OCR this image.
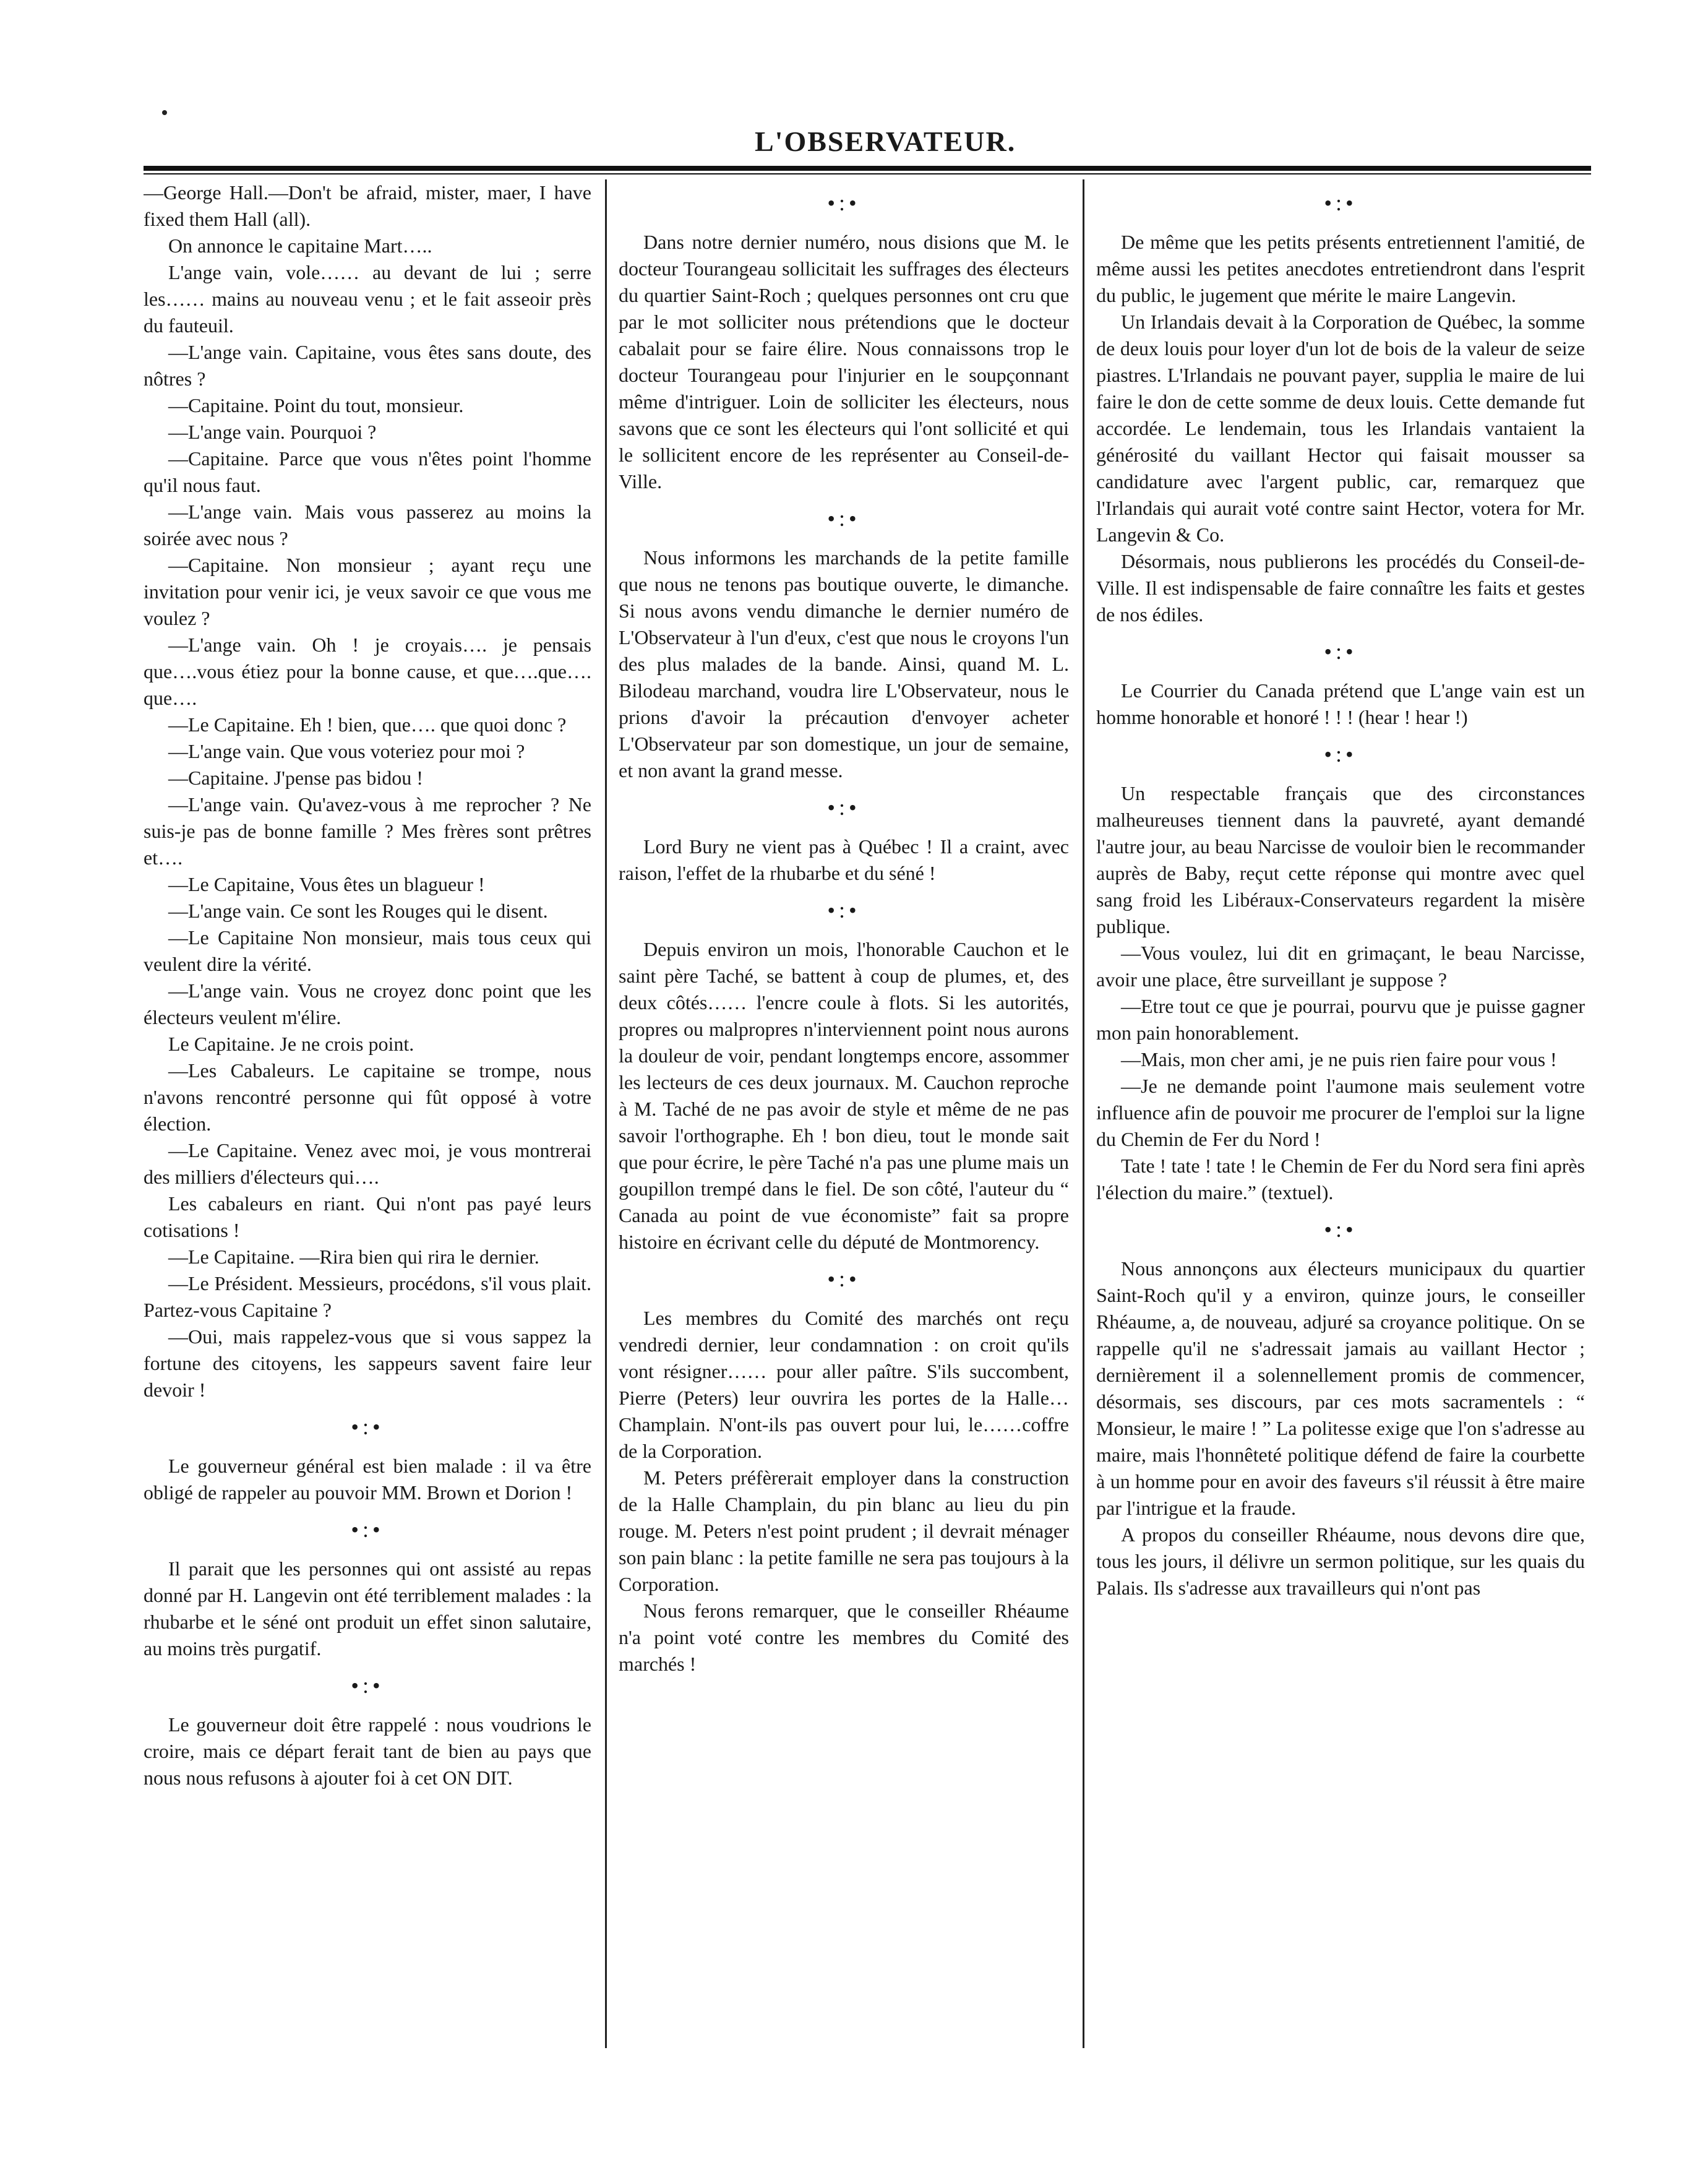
L'OBSERVATEUR.

—George Hall.—Don't be afraid, mister, maer, I have fixed them Hall (all).

On annonce le capitaine Mart…..

L'ange vain, vole…… au devant de lui ; serre les…… mains au nouveau venu ; et le fait asseoir près du fauteuil.

—L'ange vain. Capitaine, vous êtes sans doute, des nôtres ?

—Capitaine. Point du tout, monsieur.

—L'ange vain. Pourquoi ?

—Capitaine. Parce que vous n'êtes point l'homme qu'il nous faut.

—L'ange vain. Mais vous passerez au moins la soirée avec nous ?

—Capitaine. Non monsieur ; ayant reçu une invitation pour venir ici, je veux savoir ce que vous me voulez ?

—L'ange vain. Oh ! je croyais…. je pensais que….vous étiez pour la bonne cause, et que….que…. que….

—Le Capitaine. Eh ! bien, que…. que quoi donc ?

—L'ange vain. Que vous voteriez pour moi ?

—Capitaine. J'pense pas bidou !

—L'ange vain. Qu'avez-vous à me reprocher ? Ne suis-je pas de bonne famille ? Mes frères sont prêtres et….

—Le Capitaine, Vous êtes un blagueur !

—L'ange vain. Ce sont les Rouges qui le disent.

—Le Capitaine Non monsieur, mais tous ceux qui veulent dire la vérité.

—L'ange vain. Vous ne croyez donc point que les électeurs veulent m'élire.

Le Capitaine. Je ne crois point.

—Les Cabaleurs. Le capitaine se trompe, nous n'avons rencontré personne qui fût opposé à votre élection.

—Le Capitaine. Venez avec moi, je vous montrerai des milliers d'électeurs qui….

Les cabaleurs en riant. Qui n'ont pas payé leurs cotisations !

—Le Capitaine. —Rira bien qui rira le dernier.

—Le Président. Messieurs, procédons, s'il vous plait. Partez-vous Capitaine ?

—Oui, mais rappelez-vous que si vous sappez la fortune des citoyens, les sappeurs savent faire leur devoir !

•:•

Le gouverneur général est bien malade : il va être obligé de rappeler au pouvoir MM. Brown et Dorion !

•:•

Il parait que les personnes qui ont assisté au repas donné par H. Langevin ont été terriblement malades : la rhubarbe et le séné ont produit un effet sinon salutaire, au moins très purgatif.

•:•

Le gouverneur doit être rappelé : nous voudrions le croire, mais ce départ ferait tant de bien au pays que nous nous refusons à ajouter foi à cet ON DIT.

•:•

Dans notre dernier numéro, nous disions que M. le docteur Tourangeau sollicitait les suffrages des électeurs du quartier Saint-Roch ; quelques personnes ont cru que par le mot solliciter nous prétendions que le docteur cabalait pour se faire élire. Nous connaissons trop le docteur Tourangeau pour l'injurier en le soupçonnant même d'intriguer. Loin de solliciter les électeurs, nous savons que ce sont les électeurs qui l'ont sollicité et qui le sollicitent encore de les représenter au Conseil-de-Ville.

•:•

Nous informons les marchands de la petite famille que nous ne tenons pas boutique ouverte, le dimanche. Si nous avons vendu dimanche le dernier numéro de L'Observateur à l'un d'eux, c'est que nous le croyons l'un des plus malades de la bande. Ainsi, quand M. L. Bilodeau marchand, voudra lire L'Observateur, nous le prions d'avoir la précaution d'envoyer acheter L'Observateur par son domestique, un jour de semaine, et non avant la grand messe.

•:•

Lord Bury ne vient pas à Québec ! Il a craint, avec raison, l'effet de la rhubarbe et du séné !

•:•

Depuis environ un mois, l'honorable Cauchon et le saint père Taché, se battent à coup de plumes, et, des deux côtés…… l'encre coule à flots. Si les autorités, propres ou malpropres n'interviennent point nous aurons la douleur de voir, pendant longtemps encore, assommer les lecteurs de ces deux journaux. M. Cauchon reproche à M. Taché de ne pas avoir de style et même de ne pas savoir l'orthographe. Eh ! bon dieu, tout le monde sait que pour écrire, le père Taché n'a pas une plume mais un goupillon trempé dans le fiel. De son côté, l'auteur du “ Canada au point de vue économiste” fait sa propre histoire en écrivant celle du député de Montmorency.

•:•

Les membres du Comité des marchés ont reçu vendredi dernier, leur condamnation : on croit qu'ils vont résigner…… pour aller paître. S'ils succombent, Pierre (Peters) leur ouvrira les portes de la Halle… Champlain. N'ont-ils pas ouvert pour lui, le……coffre de la Corporation.

M. Peters préfèrerait employer dans la construction de la Halle Champlain, du pin blanc au lieu du pin rouge. M. Peters n'est point prudent ; il devrait ménager son pain blanc : la petite famille ne sera pas toujours à la Corporation.

Nous ferons remarquer, que le conseiller Rhéaume n'a point voté contre les membres du Comité des marchés !

•:•

De même que les petits présents entretiennent l'amitié, de même aussi les petites anecdotes entretiendront dans l'esprit du public, le jugement que mérite le maire Langevin.

Un Irlandais devait à la Corporation de Québec, la somme de deux louis pour loyer d'un lot de bois de la valeur de seize piastres. L'Irlandais ne pouvant payer, supplia le maire de lui faire le don de cette somme de deux louis. Cette demande fut accordée. Le lendemain, tous les Irlandais vantaient la générosité du vaillant Hector qui faisait mousser sa candidature avec l'argent public, car, remarquez que l'Irlandais qui aurait voté contre saint Hector, votera for Mr. Langevin & Co.

Désormais, nous publierons les procédés du Conseil-de-Ville. Il est indispensable de faire connaître les faits et gestes de nos édiles.

•:•

Le Courrier du Canada prétend que L'ange vain est un homme honorable et honoré ! ! ! (hear ! hear !)

•:•

Un respectable français que des circonstances malheureuses tiennent dans la pauvreté, ayant demandé l'autre jour, au beau Narcisse de vouloir bien le recommander auprès de Baby, reçut cette réponse qui montre avec quel sang froid les Libéraux-Conservateurs regardent la misère publique.

—Vous voulez, lui dit en grimaçant, le beau Narcisse, avoir une place, être surveillant je suppose ?

—Etre tout ce que je pourrai, pourvu que je puisse gagner mon pain honorablement.

—Mais, mon cher ami, je ne puis rien faire pour vous !

—Je ne demande point l'aumone mais seulement votre influence afin de pouvoir me procurer de l'emploi sur la ligne du Chemin de Fer du Nord !

Tate ! tate ! tate ! le Chemin de Fer du Nord sera fini après l'élection du maire.” (textuel).

•:•

Nous annonçons aux électeurs municipaux du quartier Saint-Roch qu'il y a environ, quinze jours, le conseiller Rhéaume, a, de nouveau, adjuré sa croyance politique. On se rappelle qu'il ne s'adressait jamais au vaillant Hector ; dernièrement il a solennellement promis de commencer, désormais, ses discours, par ces mots sacramentels : “ Monsieur, le maire ! ” La politesse exige que l'on s'adresse au maire, mais l'honnêteté politique défend de faire la courbette à un homme pour en avoir des faveurs s'il réussit à être maire par l'intrigue et la fraude.

A propos du conseiller Rhéaume, nous devons dire que, tous les jours, il délivre un sermon politique, sur les quais du Palais. Ils s'adresse aux travailleurs qui n'ont pas
